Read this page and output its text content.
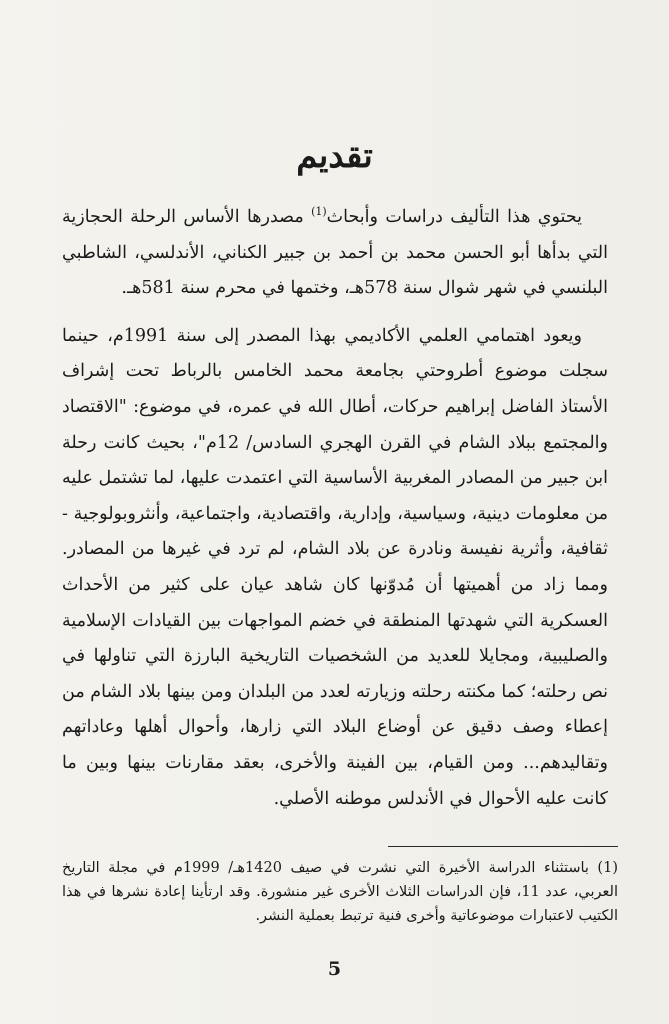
تقديم

يحتوي هذا التأليف دراسات وأبحاث$^{(1)}$ مصدرها الأساس الرحلة الحجازية التي بدأها أبو الحسن محمد بن أحمد بن جبير الكناني، الأندلسي، الشاطبي البلنسي في شهر شوال سنة 578هـ، وختمها في محرم سنة 581هـ.

ويعود اهتمامي العلمي الأكاديمي بهذا المصدر إلى سنة 1991م، حينما سجلت موضوع أطروحتي بجامعة محمد الخامس بالرباط تحت إشراف الأستاذ الفاضل إبراهيم حركات، أطال الله في عمره، في موضوع: "الاقتصاد والمجتمع ببلاد الشام في القرن الهجري السادس/ 12م"، بحيث كانت رحلة ابن جبير من المصادر المغربية الأساسية التي اعتمدت عليها، لما تشتمل عليه من معلومات دينية، وسياسية، وإدارية، واقتصادية، واجتماعية، وأنثروبولوجية - ثقافية، وأثرية نفيسة ونادرة عن بلاد الشام، لم ترد في غيرها من المصادر. ومما زاد من أهميتها أن مُدوّنها كان شاهد عيان على كثير من الأحداث العسكرية التي شهدتها المنطقة في خضم المواجهات بين القيادات الإسلامية والصليبية، ومجايلا للعديد من الشخصيات التاريخية البارزة التي تناولها في نص رحلته؛ كما مكنته رحلته وزيارته لعدد من البلدان ومن بينها بلاد الشام من إعطاء وصف دقيق عن أوضاع البلاد التي زارها، وأحوال أهلها وعاداتهم وتقاليدهم... ومن القيام، بين الفينة والأخرى، بعقد مقارنات بينها وبين ما كانت عليه الأحوال في الأندلس موطنه الأصلي.

(1) باستثناء الدراسة الأخيرة التي نشرت في صيف 1420هـ/ 1999م في مجلة التاريخ العربي، عدد 11، فإن الدراسات الثلاث الأخرى غير منشورة. وقد ارتأينا إعادة نشرها في هذا الكتيب لاعتبارات موضوعاتية وأخرى فنية ترتبط بعملية النشر.

5
